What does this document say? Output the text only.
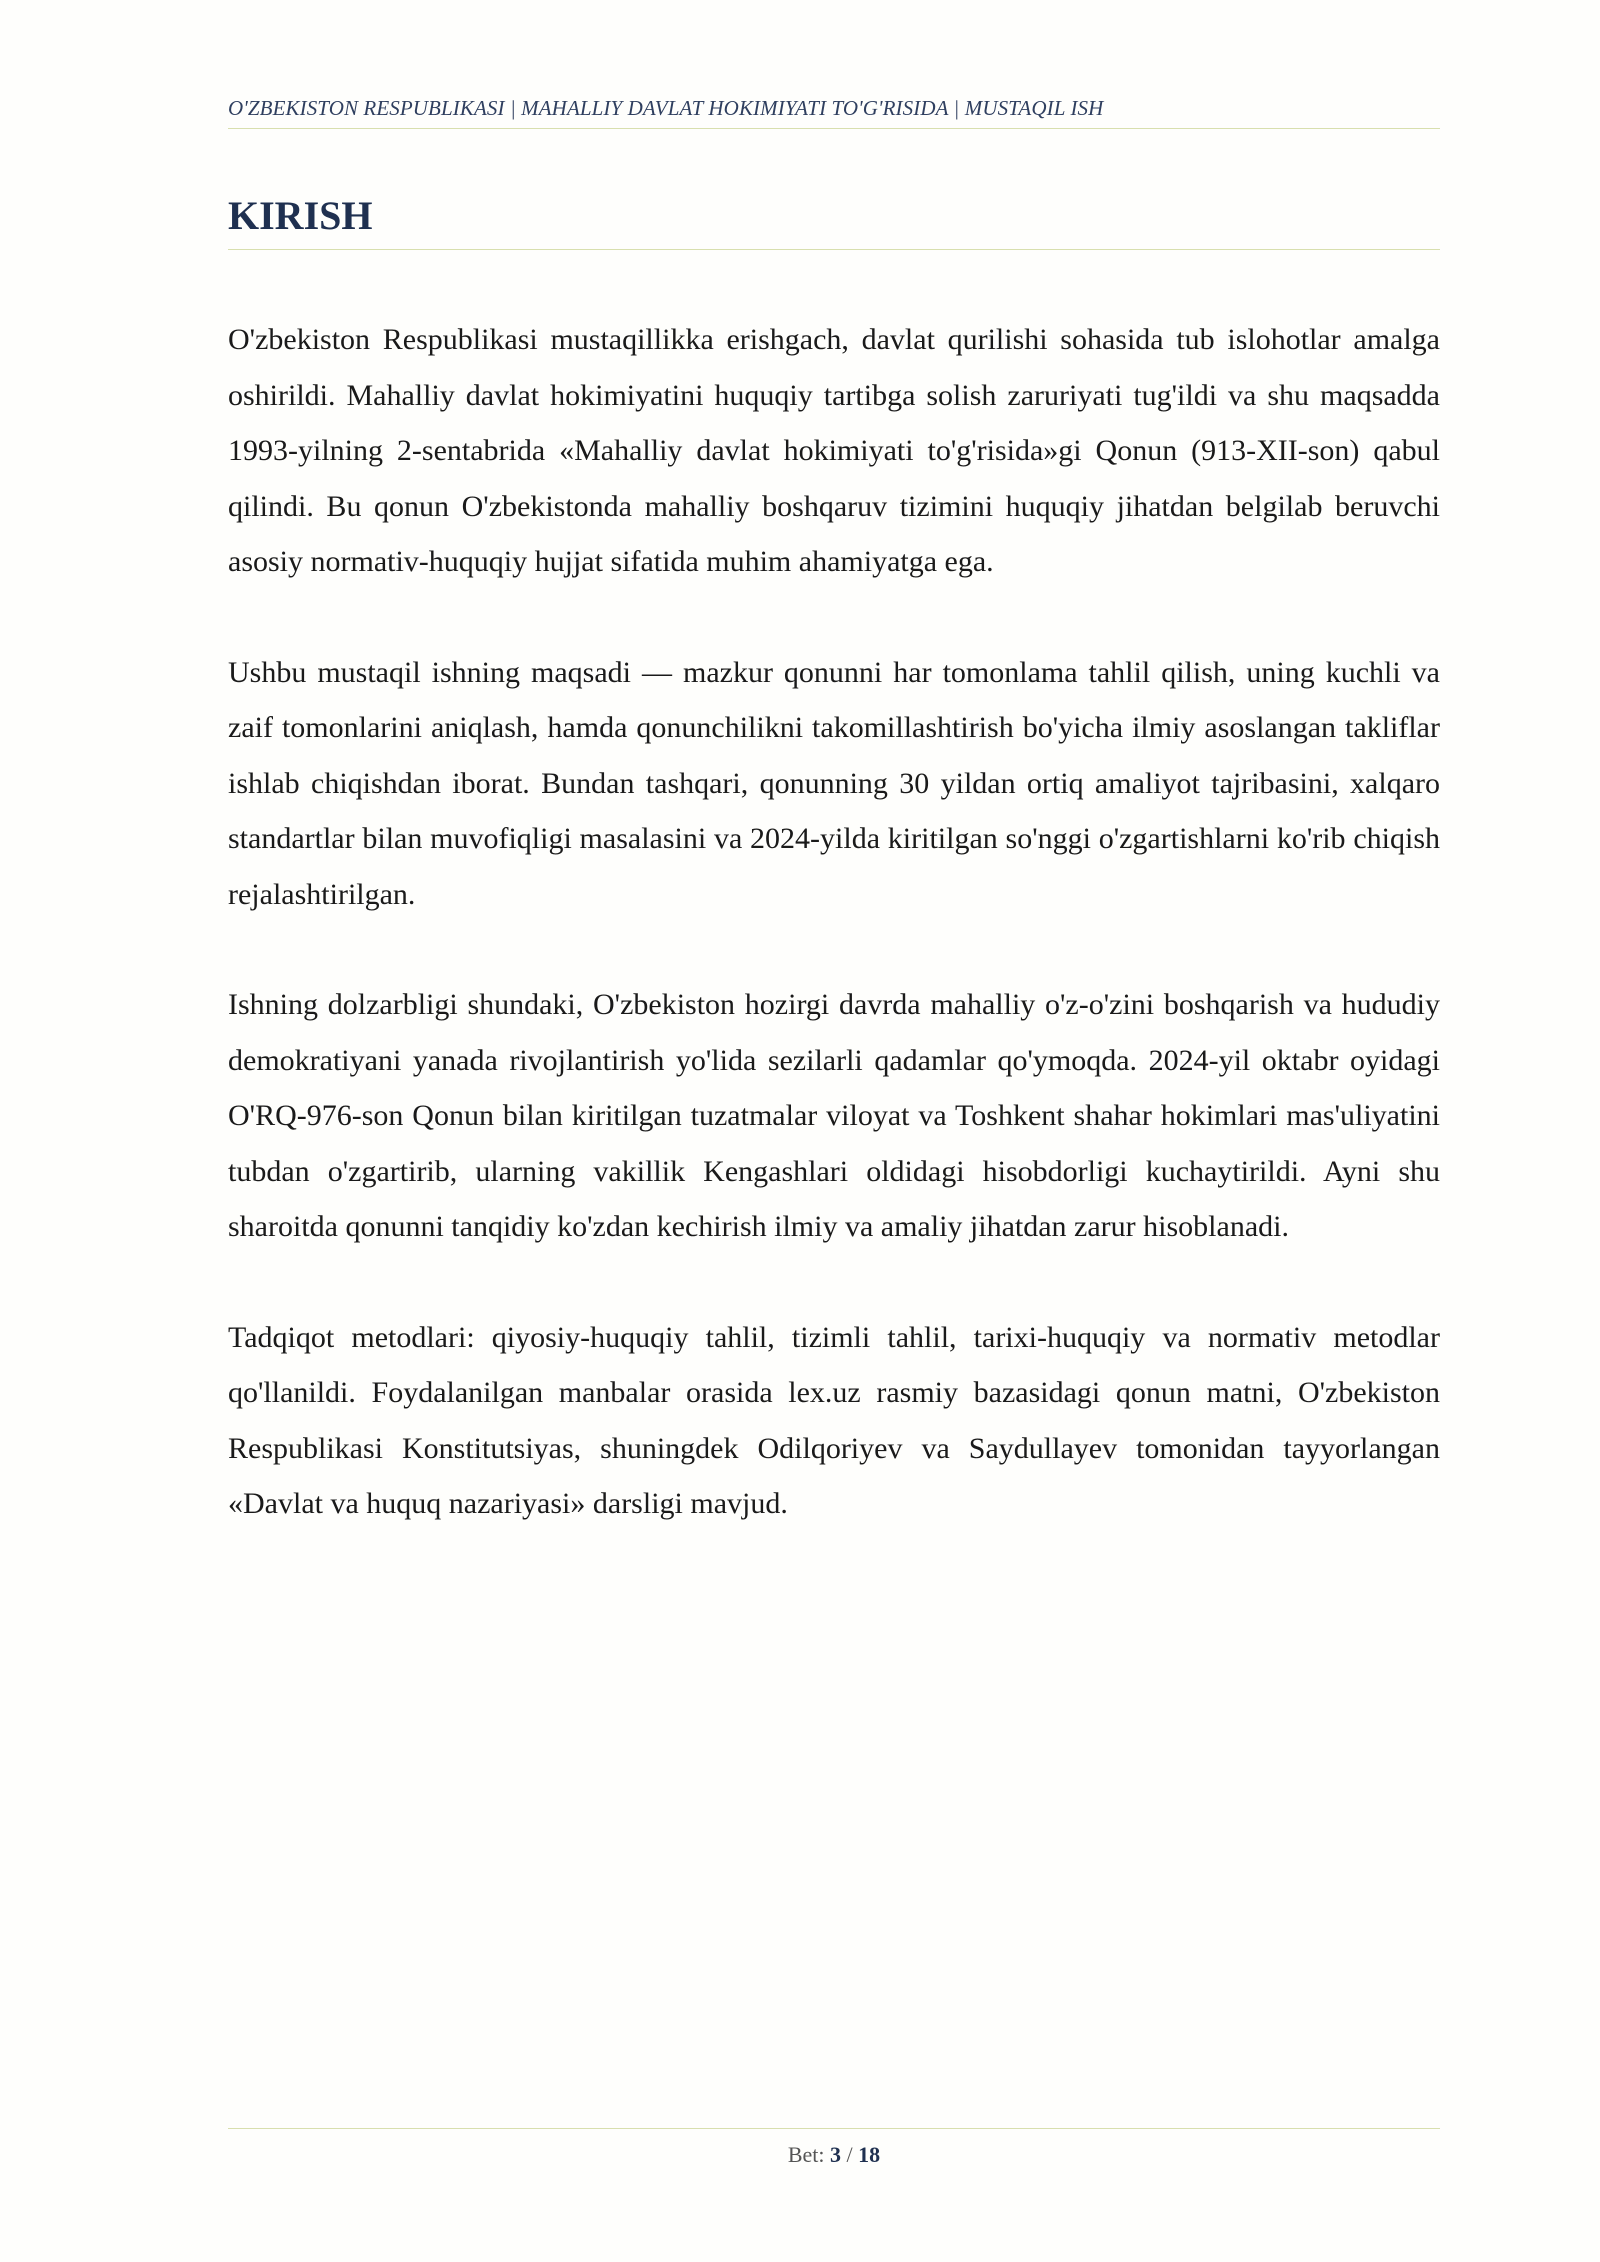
O'ZBEKISTON RESPUBLIKASI | MAHALLIY DAVLAT HOKIMIYATI TO'G'RISIDA | MUSTAQIL ISH
KIRISH

O'zbekiston Respublikasi mustaqillikka erishgach, davlat qurilishi sohasida tub islohotlar amalga oshirildi. Mahalliy davlat hokimiyatini huquqiy tartibga solish zaruriyati tug'ildi va shu maqsadda 1993-yilning 2-sentabrida «Mahalliy davlat hokimiyati to'g'risida»gi Qonun (913-XII-son) qabul qilindi. Bu qonun O'zbekistonda mahalliy boshqaruv tizimini huquqiy jihatdan belgilab beruvchi asosiy normativ-huquqiy hujjat sifatida muhim ahamiyatga ega.

Ushbu mustaqil ishning maqsadi — mazkur qonunni har tomonlama tahlil qilish, uning kuchli va zaif tomonlarini aniqlash, hamda qonunchilikni takomillashtirish bo'yicha ilmiy asoslangan takliflar ishlab chiqishdan iborat. Bundan tashqari, qonunning 30 yildan ortiq amaliyot tajribasini, xalqaro standartlar bilan muvofiqligi masalasini va 2024-yilda kiritilgan so'nggi o'zgartishlarni ko'rib chiqish rejalashtirilgan.

Ishning dolzarbligi shundaki, O'zbekiston hozirgi davrda mahalliy o'z-o'zini boshqarish va hududiy demokratiyani yanada rivojlantirish yo'lida sezilarli qadamlar qo'ymoqda. 2024-yil oktabr oyidagi O'RQ-976-son Qonun bilan kiritilgan tuzatmalar viloyat va Toshkent shahar hokimlari mas'uliyatini tubdan o'zgartirib, ularning vakillik Kengashlari oldidagi hisobdorligi kuchaytirildi. Ayni shu sharoitda qonunni tanqidiy ko'zdan kechirish ilmiy va amaliy jihatdan zarur hisoblanadi.

Tadqiqot metodlari: qiyosiy-huquqiy tahlil, tizimli tahlil, tarixi-huquqiy va normativ metodlar qo'llanildi. Foydalanilgan manbalar orasida lex.uz rasmiy bazasidagi qonun matni, O'zbekiston Respublikasi Konstitutsiyas, shuningdek Odilqoriyev va Saydullayev tomonidan tayyorlangan «Davlat va huquq nazariyasi» darsligi mavjud.

Bet: 3 / 18
